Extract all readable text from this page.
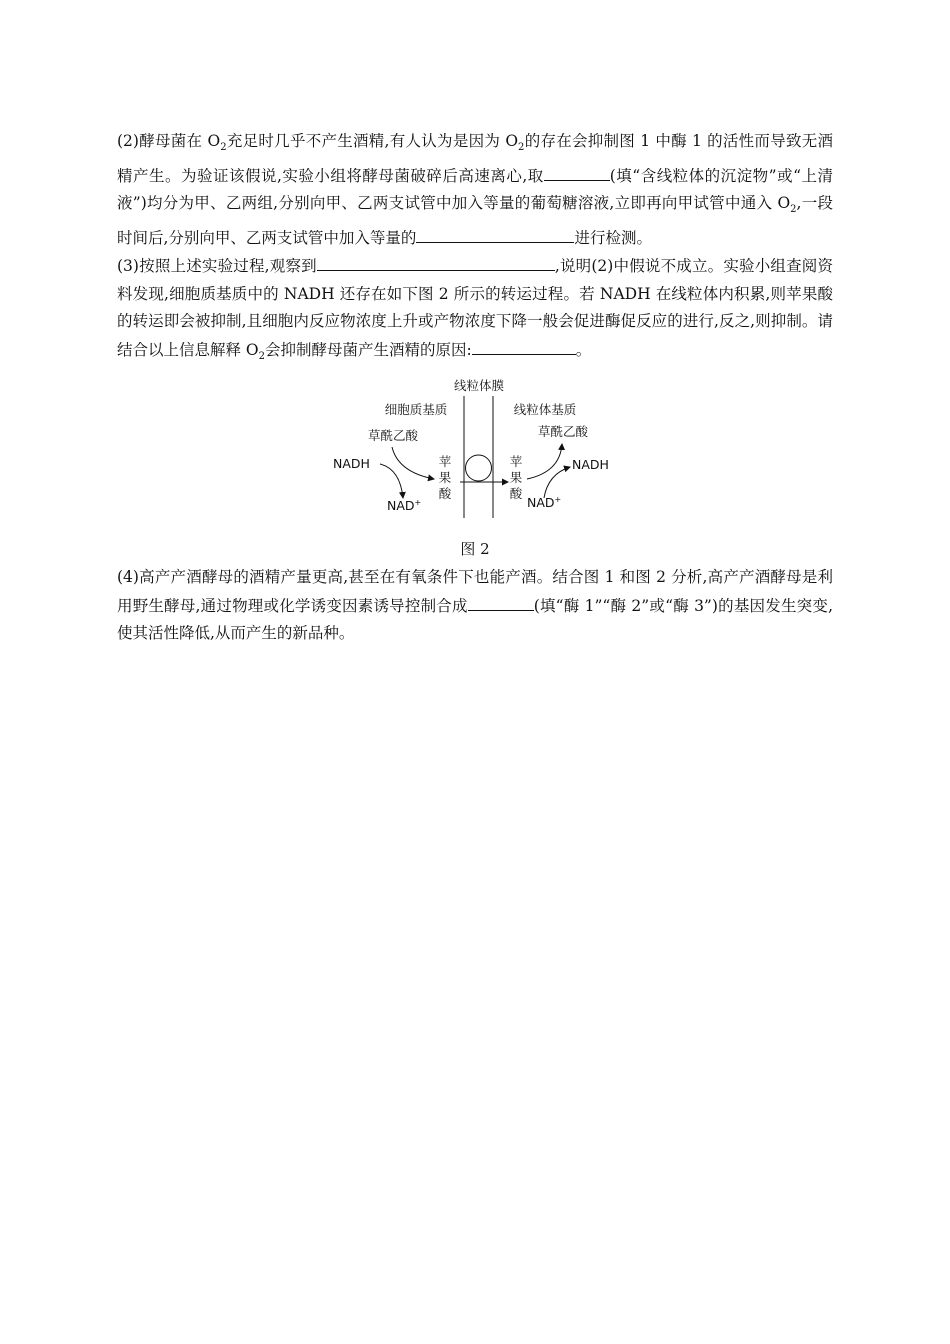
(2)酵母菌在 $O_2$充足时几乎不产生酒精,有人认为是因为 $O_2$的存在会抑制图 1 中酶 1 的活性而导致无酒精产生。为验证该假说,实验小组将酵母菌破碎后高速离心,取	(填“含线粒体的沉淀物”或“上清液”)均分为甲、乙两组,分别向甲、乙两支试管中加入等量的葡萄糖溶液,立即再向甲试管中通入 $O_2$,一段时间后,分别向甲、乙两支试管中加入等量的	进行检测。

(3)按照上述实验过程,观察到	,说明(2)中假说不成立。实验小组查阅资料发现,细胞质基质中的 NADH 还存在如下图 2 所示的转运过程。若 NADH 在线粒体内积累,则苹果酸的转运即会被抑制,且细胞内反应物浓度上升或产物浓度下降一般会促进酶促反应的进行,反之,则抑制。请结合以上信息解释 $O_2$会抑制酵母菌产生酒精的原因:	。

线粒体膜
细胞质基质	线粒体基质
草酰乙酸	草酰乙酸
NADH	NADH
NAD+	NAD+
苹
果
酸
苹
果
酸

图 2

(4)高产产酒酵母的酒精产量更高,甚至在有氧条件下也能产酒。结合图 1 和图 2 分析,高产产酒酵母是利用野生酵母,通过物理或化学诱变因素诱导控制合成	(填“酶 1”“酶 2”或“酶 3”)的基因发生突变,使其活性降低,从而产生的新品种。
